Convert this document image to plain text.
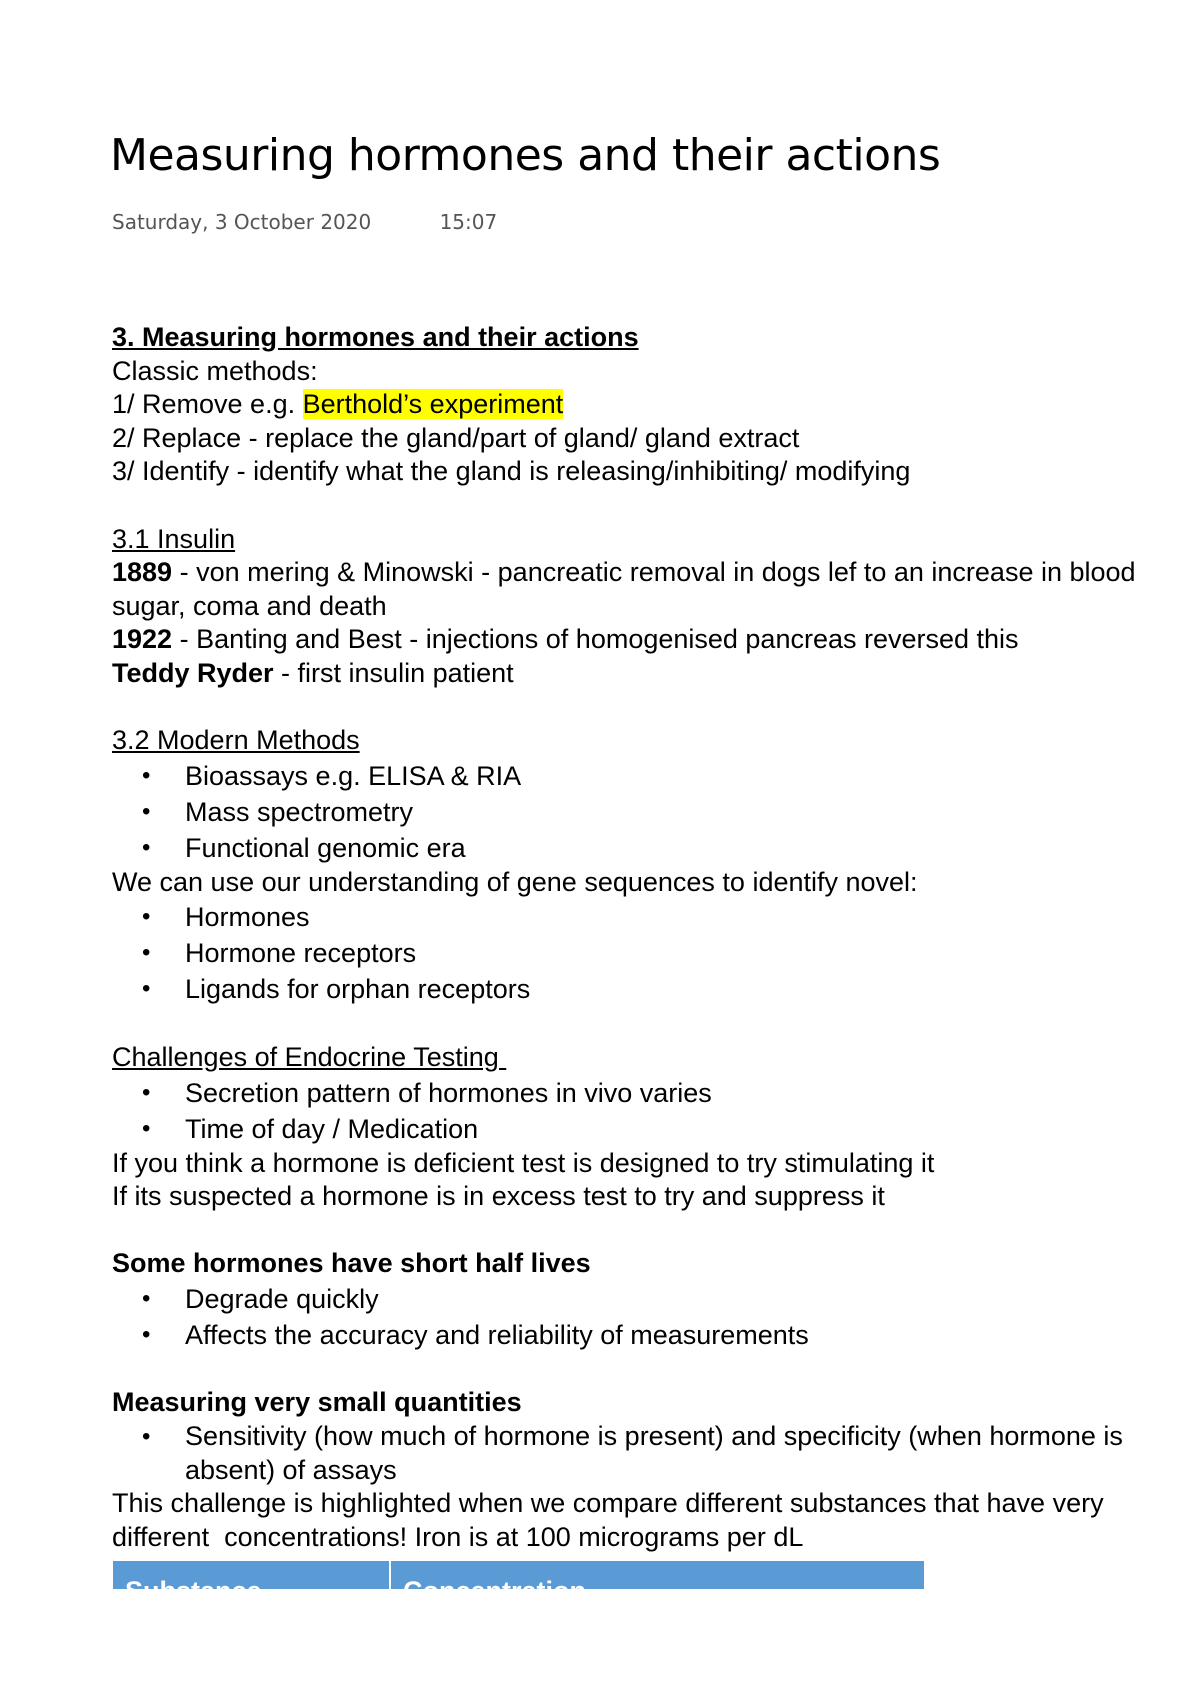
Measuring hormones and their actions
Saturday, 3 October 2020	15:07

3. Measuring hormones and their actions

Classic methods:

1/ Remove e.g. Berthold’s experiment

2/ Replace - replace the gland/part of gland/ gland extract

3/ Identify - identify what the gland is releasing/inhibiting/ modifying

3.1 Insulin

1889 - von mering & Minowski - pancreatic removal in dogs lef to an increase in blood sugar, coma and death

1922 - Banting and Best - injections of homogenised pancreas reversed this

Teddy Ryder - first insulin patient

3.2 Modern Methods

• Bioassays e.g. ELISA & RIA
• Mass spectrometry
• Functional genomic era

We can use our understanding of gene sequences to identify novel:

• Hormones
• Hormone receptors
• Ligands for orphan receptors

Challenges of Endocrine Testing

• Secretion pattern of hormones in vivo varies
• Time of day / Medication

If you think a hormone is deficient test is designed to try stimulating it

If its suspected a hormone is in excess test to try and suppress it

Some hormones have short half lives

• Degrade quickly
• Affects the accuracy and reliability of measurements

Measuring very small quantities

• Sensitivity (how much of hormone is present) and specificity (when hormone is absent) of assays

This challenge is highlighted when we compare different substances that have very different  concentrations! Iron is at 100 micrograms per dL

Substance	Concentration
